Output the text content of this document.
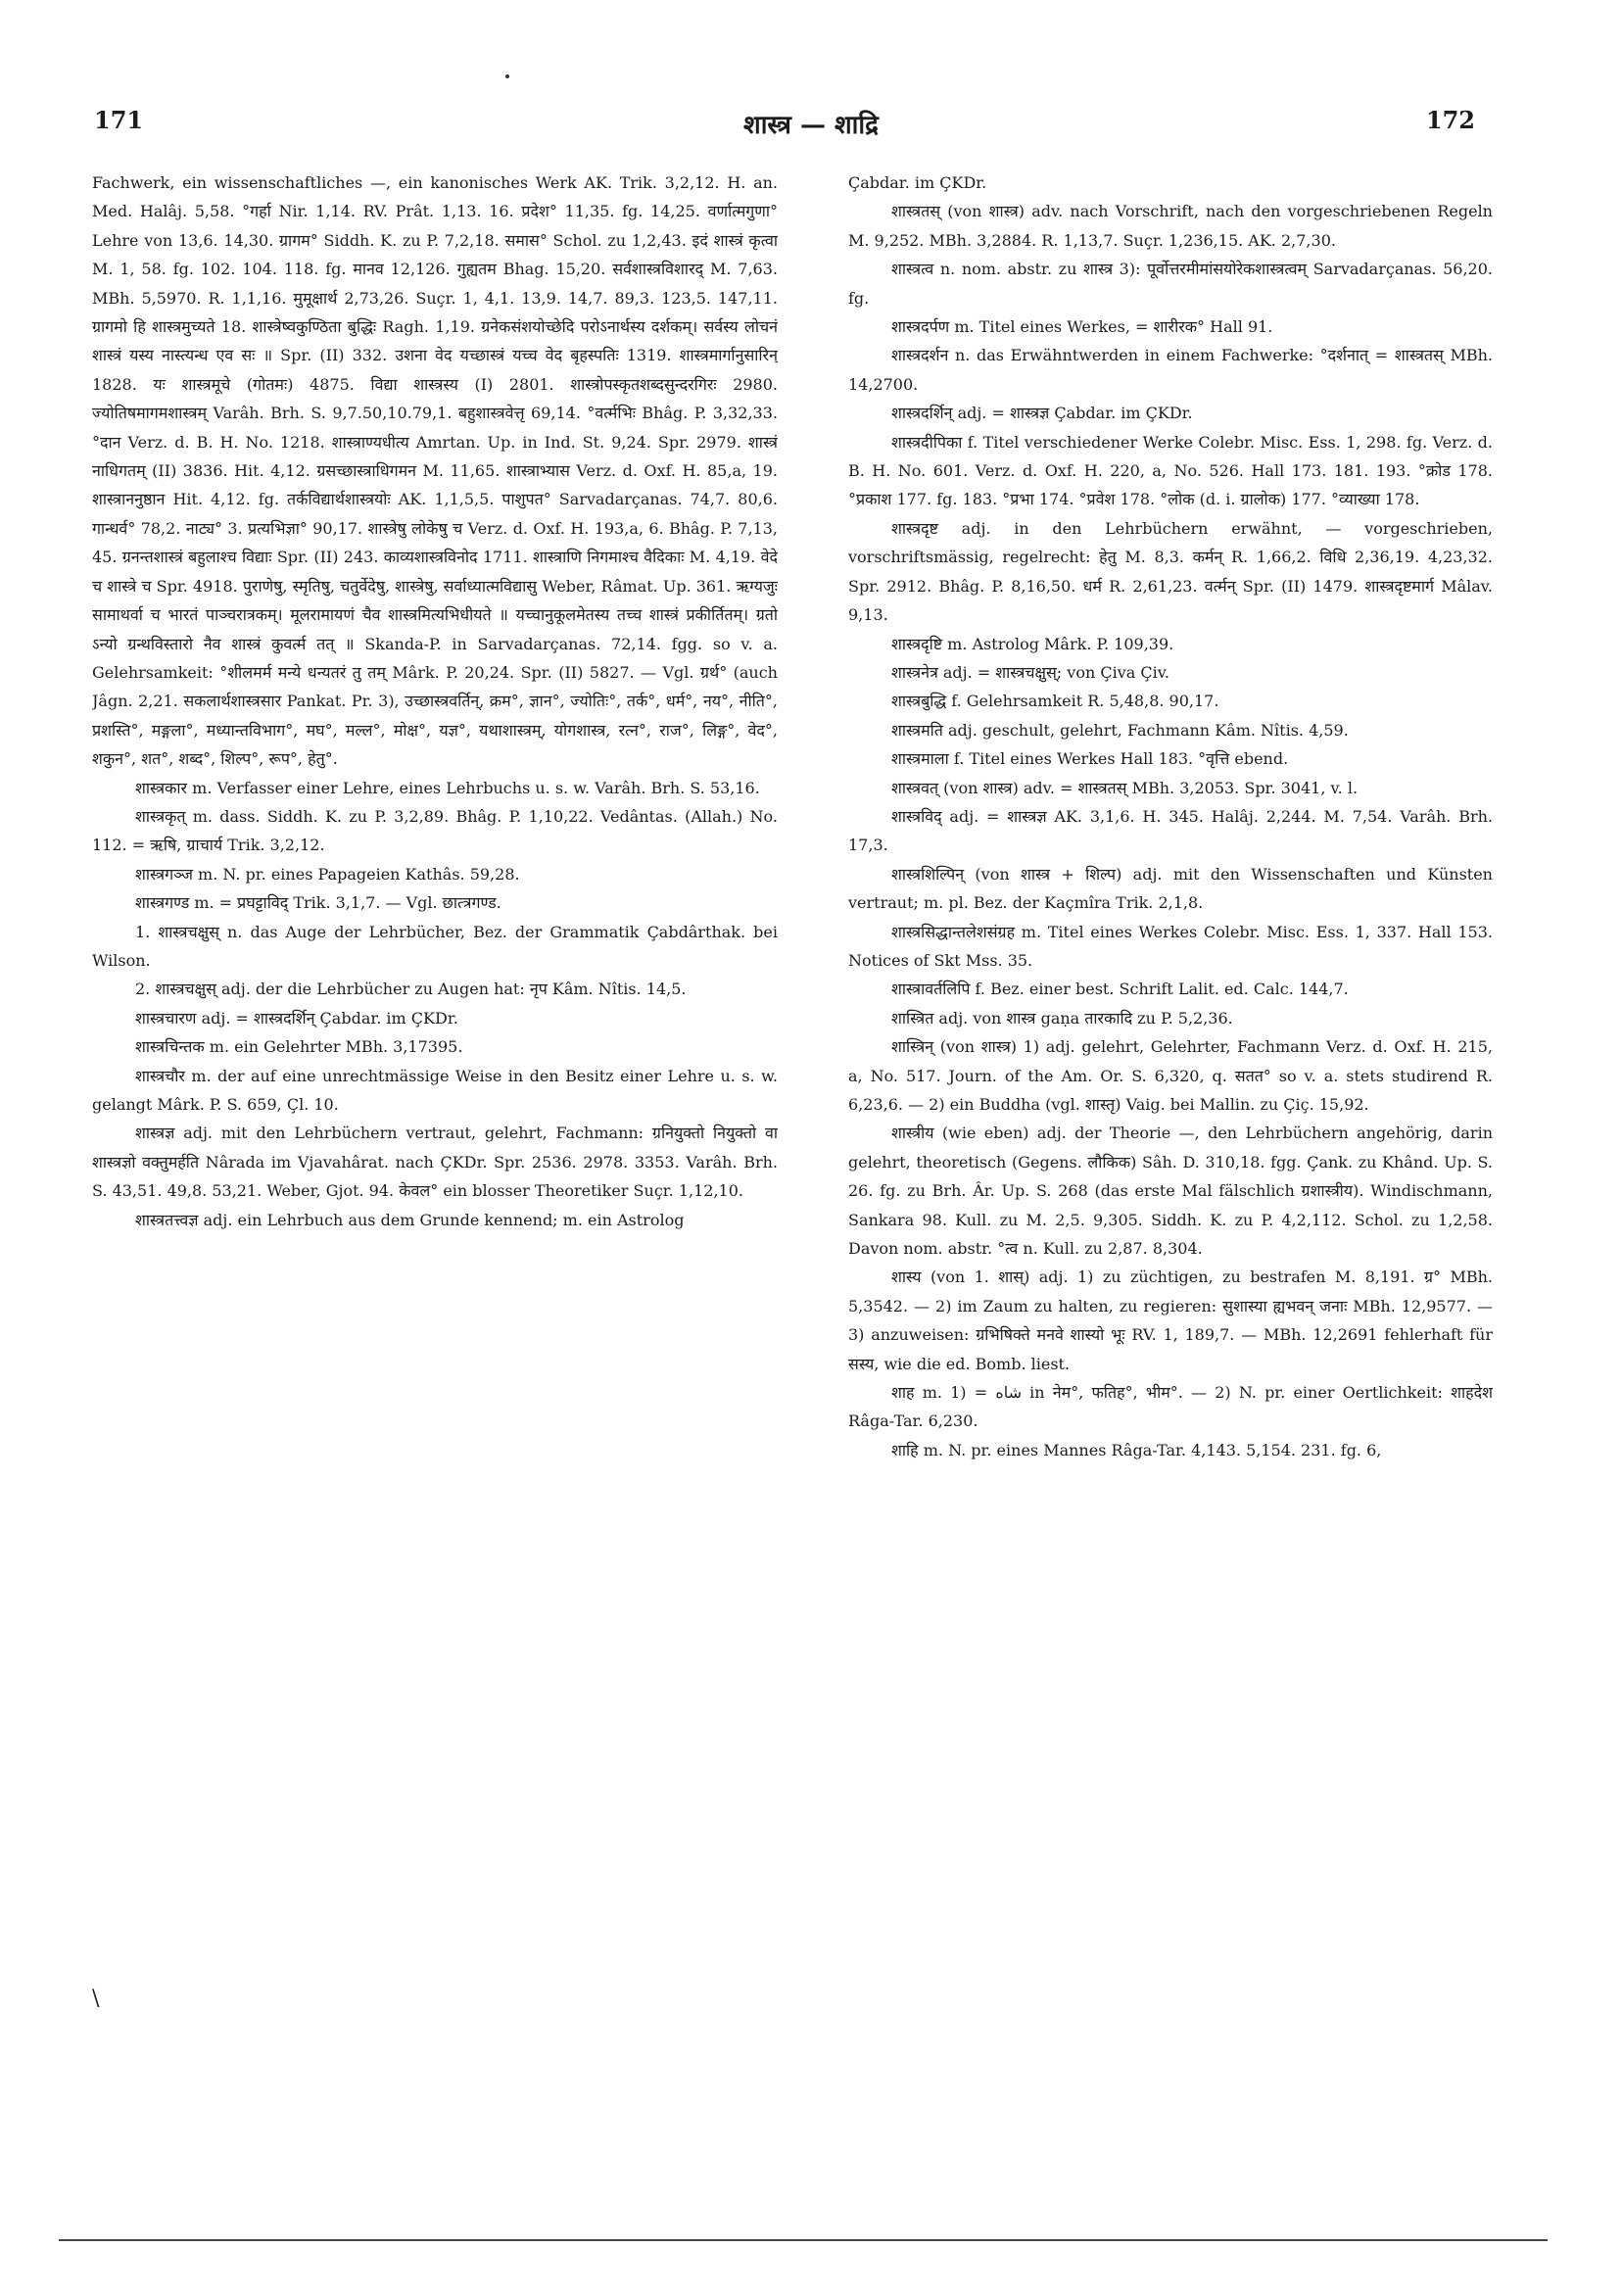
171	शास्त्र — शाद्रि	172

Fachwerk, ein wissenschaftliches —, ein kanonisches Werk AK. Trik. 3,2,12. H. an. Med. Halâj. 5,58. °गर्हा Nir. 1,14. RV. Prât. 1,13. 16. प्रदेश° 11,35. fg. 14,25. वर्णात्मगुणा° Lehre von 13,6. 14,30. ग्रागम° Siddh. K. zu P. 7,2,18. समास° Schol. zu 1,2,43. इदं शास्त्रं कृत्वा M. 1, 58. fg. 102. 104. 118. fg. मानव 12,126. गुह्यतम Bhag. 15,20. सर्वशास्त्रविशारद् M. 7,63. MBh. 5,5970. R. 1,1,16. मुमूक्षार्थ 2,73,26. Suçr. 1, 4,1. 13,9. 14,7. 89,3. 123,5. 147,11. ग्रागमो हि शास्त्रमुच्यते 18. शास्त्रेष्वकुण्ठिता बुद्धिः Ragh. 1,19. ग्रनेकसंशयोच्छेदि परोऽनार्थस्य दर्शकम्। सर्वस्य लोचनं शास्त्रं यस्य नास्त्यन्ध एव सः ॥ Spr. (II) 332. उशना वेद यच्छास्त्रं यच्च वेद बृहस्पतिः 1319. शास्त्रमार्गानुसारिन् 1828. यः शास्त्रमूचे (गोतमः) 4875. विद्या शास्त्रस्य (I) 2801. शास्त्रोपस्कृतशब्दसुन्दरगिरः 2980. ज्योतिषमागमशास्त्रम् Varâh. Brh. S. 9,7.50,10.79,1. बहुशास्त्रवेत्तृ 69,14. °वर्त्मभिः Bhâg. P. 3,32,33. °दान Verz. d. B. H. No. 1218. शास्त्राण्यधीत्य Amrtan. Up. in Ind. St. 9,24. Spr. 2979. शास्त्रं नाधिगतम् (II) 3836. Hit. 4,12. ग्रसच्छास्त्राधिगमन M. 11,65. शास्त्राभ्यास Verz. d. Oxf. H. 85,a, 19. शास्त्राननुष्ठान Hit. 4,12. fg. तर्कविद्यार्थशास्त्रयोः AK. 1,1,5,5. पाशुपत° Sarvadarçanas. 74,7. 80,6. गान्धर्व° 78,2. नाट्य° 3. प्रत्यभिज्ञा° 90,17. शास्त्रेषु लोकेषु च Verz. d. Oxf. H. 193,a, 6. Bhâg. P. 7,13, 45. ग्रनन्तशास्त्रं बहुलाश्च विद्याः Spr. (II) 243. काव्यशास्त्रविनोद 1711. शास्त्राणि निगमाश्च वैदिकाः M. 4,19. वेदे च शास्त्रे च Spr. 4918. पुराणेषु, स्मृतिषु, चतुर्वेदेषु, शास्त्रेषु, सर्वाध्यात्मविद्यासु Weber, Râmat. Up. 361. ऋग्यजुः सामाथर्वा च भारतं पाञ्चरात्रकम्। मूलरामायणं चैव शास्त्रमित्यभिधीयते ॥ यच्चानुकूलमेतस्य तच्च शास्त्रं प्रकीर्तितम्। ग्रतो ऽन्यो ग्रन्थविस्तारो नैव शास्त्रं कुवर्त्म तत् ॥ Skanda-P. in Sarvadarçanas. 72,14. fgg. so v. a. Gelehrsamkeit: °शीलमर्म मन्ये धन्यतरं तु तम् Mârk. P. 20,24. Spr. (II) 5827. — Vgl. ग्रर्थ° (auch Jâgn. 2,21. सकलार्थशास्त्रसार Pankat. Pr. 3), उच्छास्त्रवर्तिन्, क्रम°, ज्ञान°, ज्योतिः°, तर्क°, धर्म°, नय°, नीति°, प्रशस्ति°, मङ्गला°, मध्यान्तविभाग°, मघ°, मल्ल°, मोक्ष°, यज्ञ°, यथाशास्त्रम्, योगशास्त्र, रत्न°, राज°, लिङ्ग°, वेद°, शकुन°, शत°, शब्द°, शिल्प°, रूप°, हेतु°.

शास्त्रकार m. Verfasser einer Lehre, eines Lehrbuchs u. s. w. Varâh. Brh. S. 53,16.

शास्त्रकृत् m. dass. Siddh. K. zu P. 3,2,89. Bhâg. P. 1,10,22. Vedântas. (Allah.) No. 112. = ऋषि, ग्राचार्य Trik. 3,2,12.

शास्त्रगञ्ज m. N. pr. eines Papageien Kathâs. 59,28.

शास्त्रगण्ड m. = प्रघट्टाविद् Trik. 3,1,7. — Vgl. छात्त्रगण्ड.

1. शास्त्रचक्षुस् n. das Auge der Lehrbücher, Bez. der Grammatik Çabdârthak. bei Wilson.

2. शास्त्रचक्षुस् adj. der die Lehrbücher zu Augen hat: नृप Kâm. Nîtis. 14,5.

शास्त्रचारण adj. = शास्त्रदर्शिन् Çabdar. im ÇKDr.

शास्त्रचिन्तक m. ein Gelehrter MBh. 3,17395.

शास्त्रचौर m. der auf eine unrechtmässige Weise in den Besitz einer Lehre u. s. w. gelangt Mârk. P. S. 659, Çl. 10.

शास्त्रज्ञ adj. mit den Lehrbüchern vertraut, gelehrt, Fachmann: ग्रनियुक्तो नियुक्तो वा शास्त्रज्ञो वक्तुमर्हति Nârada im Vjavahârat. nach ÇKDr. Spr. 2536. 2978. 3353. Varâh. Brh. S. 43,51. 49,8. 53,21. Weber, Gjot. 94. केवल° ein blosser Theoretiker Suçr. 1,12,10.

शास्त्रतत्त्वज्ञ adj. ein Lehrbuch aus dem Grunde kennend; m. ein Astrolog

Çabdar. im ÇKDr.

शास्त्रतस् (von शास्त्र) adv. nach Vorschrift, nach den vorgeschriebenen Regeln M. 9,252. MBh. 3,2884. R. 1,13,7. Suçr. 1,236,15. AK. 2,7,30.

शास्त्रत्व n. nom. abstr. zu शास्त्र 3): पूर्वोत्तरमीमांसयोरेकशास्त्रत्वम् Sarvadarçanas. 56,20. fg.

शास्त्रदर्पण m. Titel eines Werkes, = शारीरक° Hall 91.

शास्त्रदर्शन n. das Erwähntwerden in einem Fachwerke: °दर्शनात् = शास्त्रतस् MBh. 14,2700.

शास्त्रदर्शिन् adj. = शास्त्रज्ञ Çabdar. im ÇKDr.

शास्त्रदीपिका f. Titel verschiedener Werke Colebr. Misc. Ess. 1, 298. fg. Verz. d. B. H. No. 601. Verz. d. Oxf. H. 220, a, No. 526. Hall 173. 181. 193. °क्रोड 178. °प्रकाश 177. fg. 183. °प्रभा 174. °प्रवेश 178. °लोक (d. i. ग्रालोक) 177. °व्याख्या 178.

शास्त्रदृष्ट adj. in den Lehrbüchern erwähnt, — vorgeschrieben, vorschriftsmässig, regelrecht: हेतु M. 8,3. कर्मन् R. 1,66,2. विधि 2,36,19. 4,23,32. Spr. 2912. Bhâg. P. 8,16,50. धर्म R. 2,61,23. वर्त्मन् Spr. (II) 1479. शास्त्रदृष्टमार्ग Mâlav. 9,13.

शास्त्रदृष्टि m. Astrolog Mârk. P. 109,39.

शास्त्रनेत्र adj. = शास्त्रचक्षुस्; von Çiva Çiv.

शास्त्रबुद्धि f. Gelehrsamkeit R. 5,48,8. 90,17.

शास्त्रमति adj. geschult, gelehrt, Fachmann Kâm. Nîtis. 4,59.

शास्त्रमाला f. Titel eines Werkes Hall 183. °वृत्ति ebend.

शास्त्रवत् (von शास्त्र) adv. = शास्त्रतस् MBh. 3,2053. Spr. 3041, v. l.

शास्त्रविद् adj. = शास्त्रज्ञ AK. 3,1,6. H. 345. Halâj. 2,244. M. 7,54. Varâh. Brh. 17,3.

शास्त्रशिल्पिन् (von शास्त्र + शिल्प) adj. mit den Wissenschaften und Künsten vertraut; m. pl. Bez. der Kaçmîra Trik. 2,1,8.

शास्त्रसिद्धान्तलेशसंग्रह m. Titel eines Werkes Colebr. Misc. Ess. 1, 337. Hall 153. Notices of Skt Mss. 35.

शास्त्रावर्तलिपि f. Bez. einer best. Schrift Lalit. ed. Calc. 144,7.

शास्त्रित adj. von शास्त्र gaṇa तारकादि zu P. 5,2,36.

शास्त्रिन् (von शास्त्र) 1) adj. gelehrt, Gelehrter, Fachmann Verz. d. Oxf. H. 215, a, No. 517. Journ. of the Am. Or. S. 6,320, q. सतत° so v. a. stets studirend R. 6,23,6. — 2) ein Buddha (vgl. शास्तृ) Vaig. bei Mallin. zu Çiç. 15,92.

शास्त्रीय (wie eben) adj. der Theorie —, den Lehrbüchern angehörig, darin gelehrt, theoretisch (Gegens. लौकिक) Sâh. D. 310,18. fgg. Çank. zu Khând. Up. S. 26. fg. zu Brh. Âr. Up. S. 268 (das erste Mal fälschlich ग्रशास्त्रीय). Windischmann, Sankara 98. Kull. zu M. 2,5. 9,305. Siddh. K. zu P. 4,2,112. Schol. zu 1,2,58. Davon nom. abstr. °त्व n. Kull. zu 2,87. 8,304.

शास्य (von 1. शास्) adj. 1) zu züchtigen, zu bestrafen M. 8,191. ग्र° MBh. 5,3542. — 2) im Zaum zu halten, zu regieren: सुशास्या ह्यभवन् जनाः MBh. 12,9577. — 3) anzuweisen: ग्रभिषिक्ते मनवे शास्यो भूः RV. 1, 189,7. — MBh. 12,2691 fehlerhaft für सस्य, wie die ed. Bomb. liest.

शाह m. 1) = شاه in नेम°, फतिह°, भीम°. — 2) N. pr. einer Oertlichkeit: शाहदेश Râga-Tar. 6,230.

शाहि m. N. pr. eines Mannes Râga-Tar. 4,143. 5,154. 231. fg. 6,

\
